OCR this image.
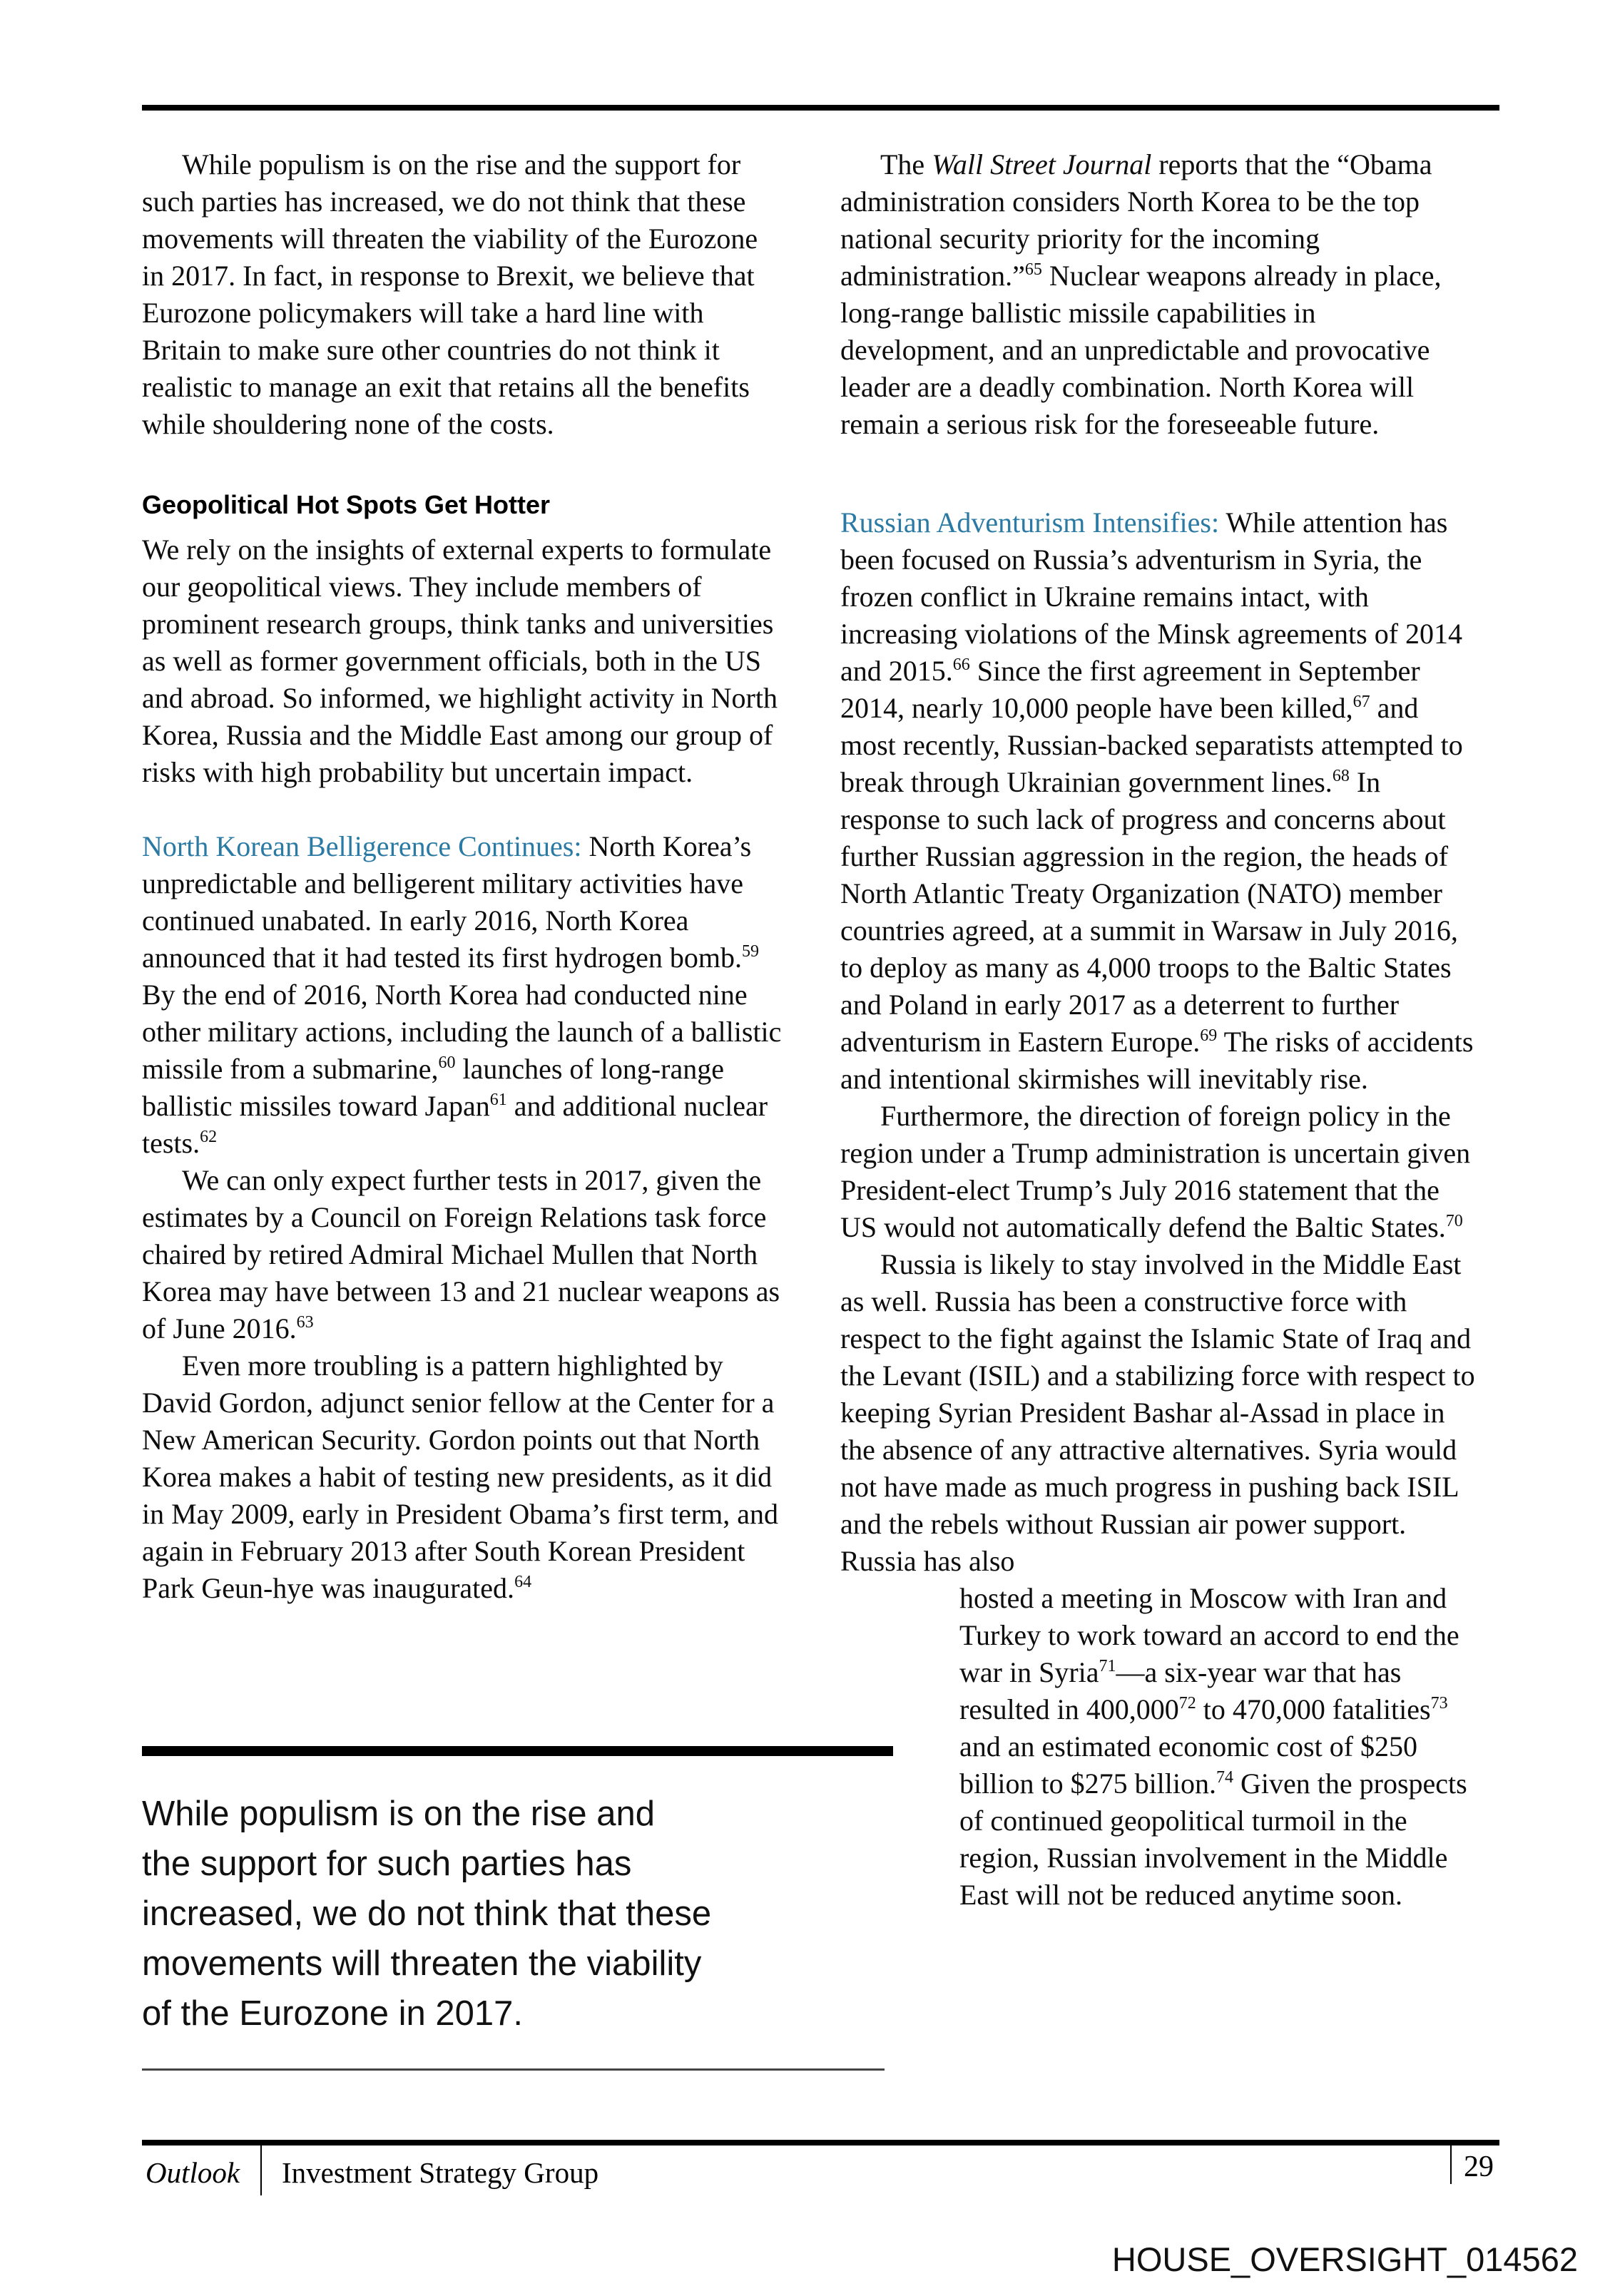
While populism is on the rise and the support for such parties has increased, we do not think that these movements will threaten the viability of the Eurozone in 2017. In fact, in response to Brexit, we believe that Eurozone policymakers will take a hard line with Britain to make sure other countries do not think it realistic to manage an exit that retains all the benefits while shouldering none of the costs.

Geopolitical Hot Spots Get Hotter

We rely on the insights of external experts to formulate our geopolitical views. They include members of prominent research groups, think tanks and universities as well as former government officials, both in the US and abroad. So informed, we highlight activity in North Korea, Russia and the Middle East among our group of risks with high probability but uncertain impact.

North Korean Belligerence Continues: North Korea’s unpredictable and belligerent military activities have continued unabated. In early 2016, North Korea announced that it had tested its first hydrogen bomb.$^{59}$ By the end of 2016, North Korea had conducted nine other military actions, including the launch of a ballistic missile from a submarine,$^{60}$ launches of long-range ballistic missiles toward Japan$^{61}$ and additional nuclear tests.$^{62}$

We can only expect further tests in 2017, given the estimates by a Council on Foreign Relations task force chaired by retired Admiral Michael Mullen that North Korea may have between 13 and 21 nuclear weapons as of June 2016.63

Even more troubling is a pattern highlighted by David Gordon, adjunct senior fellow at the Center for a New American Security. Gordon points out that North Korea makes a habit of testing new presidents, as it did in May 2009, early in President Obama’s first term, and again in February 2013 after South Korean President Park Geun-hye was inaugurated.$^{64}$

The Wall Street Journal reports that the “Obama administration considers North Korea to be the top national security priority for the incoming administration.”$^{65}$ Nuclear weapons already in place, long-range ballistic missile capabilities in development, and an unpredictable and provocative leader are a deadly combination. North Korea will remain a serious risk for the foreseeable future.

Russian Adventurism Intensifies: While attention has been focused on Russia’s adventurism in Syria, the frozen conflict in Ukraine remains intact, with increasing violations of the Minsk agreements of 2014 and 2015.66 Since the first agreement in September 2014, nearly 10,000 people have been killed,$^{67}$ and most recently, Russian-backed separatists attempted to break through Ukrainian government lines.$^{68}$ In response to such lack of progress and concerns about further Russian aggression in the region, the heads of North Atlantic Treaty Organization (NATO) member countries agreed, at a summit in Warsaw in July 2016, to deploy as many as 4,000 troops to the Baltic States and Poland in early 2017 as a deterrent to further adventurism in Eastern Europe.$^{69}$ The risks of accidents and intentional skirmishes will inevitably rise.

Furthermore, the direction of foreign policy in the region under a Trump administration is uncertain given President-elect Trump’s July 2016 statement that the US would not automatically defend the Baltic States.$^{70}$

Russia is likely to stay involved in the Middle East as well. Russia has been a constructive force with respect to the fight against the Islamic State of Iraq and the Levant (ISIL) and a stabilizing force with respect to keeping Syrian President Bashar al-Assad in place in the absence of any attractive alternatives. Syria would not have made as much progress in pushing back ISIL and the rebels without Russian air power support. Russia has also

hosted a meeting in Moscow with Iran and Turkey to work toward an accord to end the war in Syria$^{71}$—a six-year war that has resulted in 400,000$^{72}$ to 470,000 fatalities$^{73}$ and an estimated economic cost of $250 billion to $275 billion.$^{74}$ Given the prospects of continued geopolitical turmoil in the region, Russian involvement in the Middle East will not be reduced anytime soon.

While populism is on the rise and
the support for such parties has
increased, we do not think that these
movements will threaten the viability
of the Eurozone in 2017.
Outlook Investment Strategy Group	29
HOUSE_OVERSIGHT_014562
